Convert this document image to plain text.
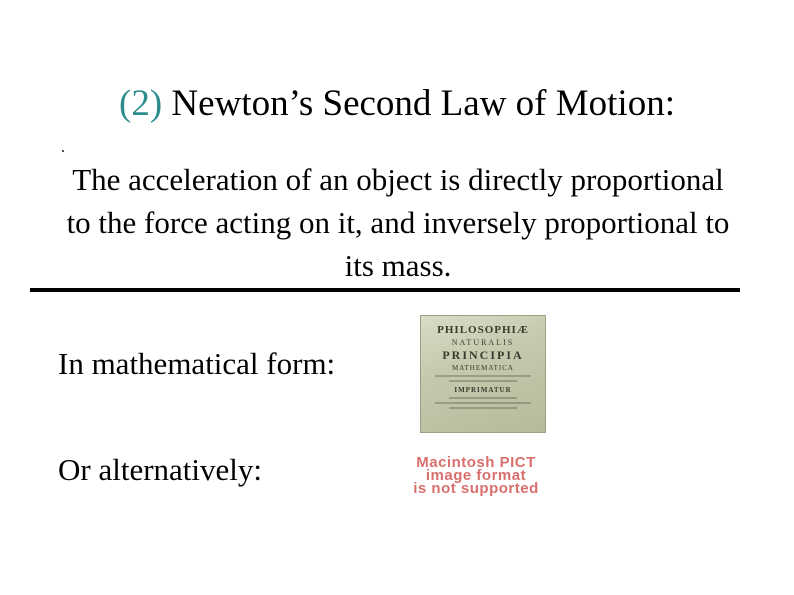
(2) Newton’s Second Law of Motion:
The acceleration of an object is directly proportional to the force acting on it, and inversely proportional to its mass.
In mathematical form:
Or alternatively:
PHILOSOPHIÆ
NATURALIS
PRINCIPIA
MATHEMATICA
IMPRIMATUR
Macintosh PICT
image format
is not supported
